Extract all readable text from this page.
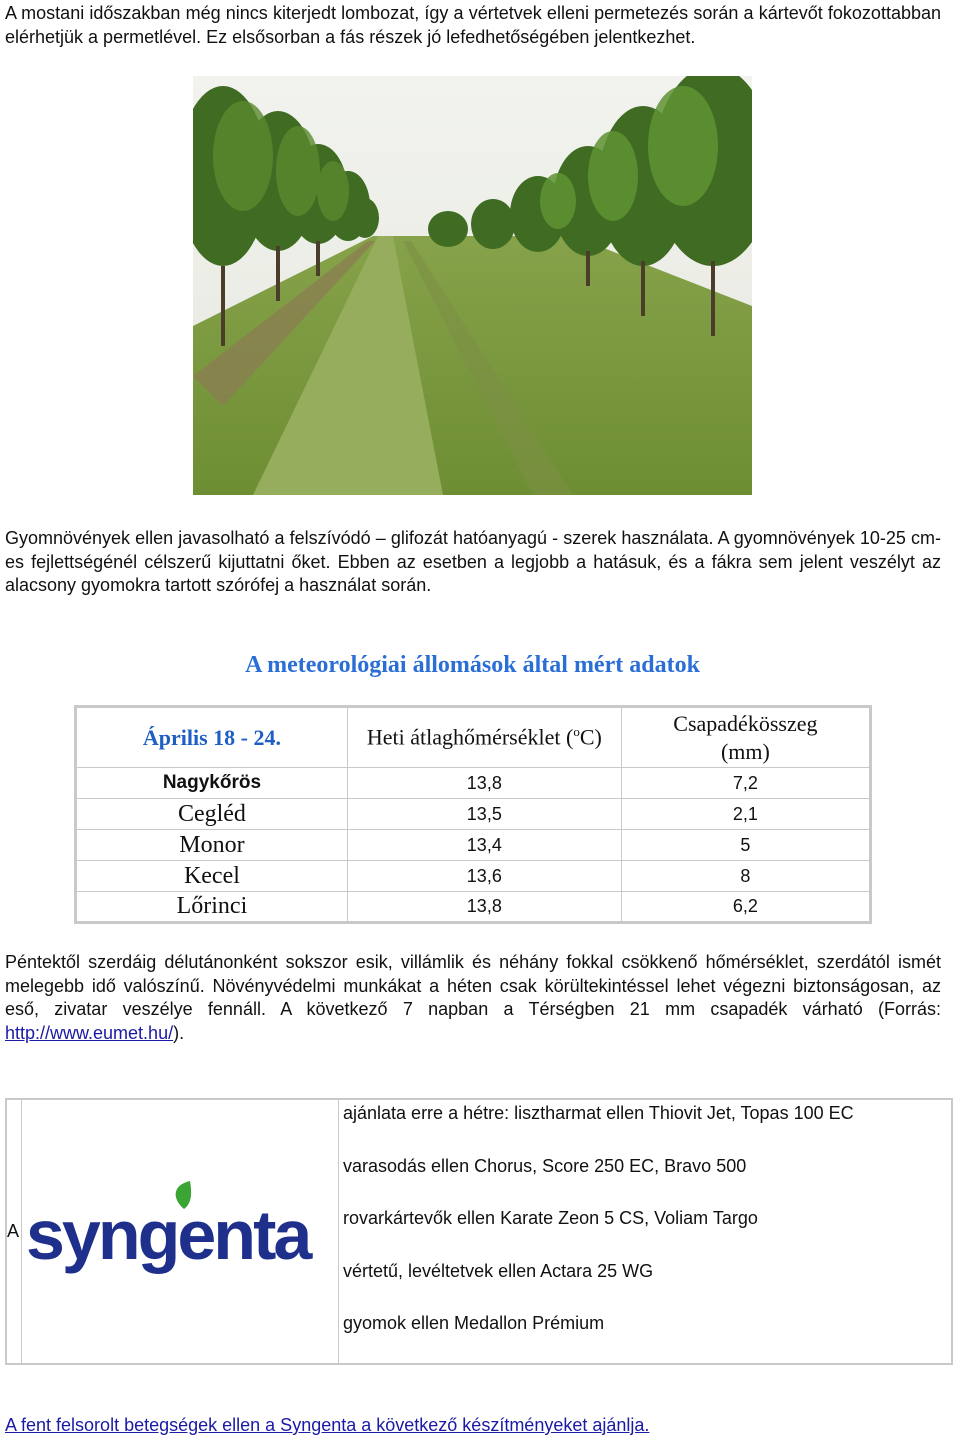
A mostani időszakban még nincs kiterjedt lombozat, így a vértetvek elleni permetezés során a kártevőt fokozottabban elérhetjük a permetlével. Ez elsősorban a fás részek jó lefedhetőségében jelentkezhet.

Gyomnövények ellen javasolható a felszívódó – glifozát hatóanyagú - szerek használata. A gyomnövények 10-25 cm-es fejlettségénél célszerű kijuttatni őket. Ebben az esetben a legjobb a hatásuk, és a fákra sem jelent veszélyt az alacsony gyomokra tartott szórófej a használat során.

A meteorológiai állomások által mért adatok
Április 18 - 24.	Heti átlaghőmérséklet ($^o$C)	Csapadékösszeg
(mm)
Nagykőrös	13,8	7,2
Cegléd	13,5	2,1
Monor	13,4	5
Kecel	13,6	8
Lőrinci	13,8	6,2

Péntektől szerdáig délutánonként sokszor esik, villámlik és néhány fokkal csökkenő hőmérséklet, szerdától ismét melegebb idő valószínű. Növényvédelmi munkákat a héten csak körültekintéssel lehet végezni biztonságosan, az eső, zivatar veszélye fennáll. A következő 7 napban a Térségben 21 mm csapadék várható (Forrás: http://www.eumet.hu/).

A	syngenta

ajánlata erre a hétre: lisztharmat ellen Thiovit Jet, Topas 100 EC
varasodás ellen Chorus, Score 250 EC, Bravo 500
rovarkártevők ellen Karate Zeon 5 CS, Voliam Targo
vértetű, levéltetvek ellen Actara 25 WG
gyomok ellen Medallon Prémium
A fent felsorolt betegségek ellen a Syngenta a következő készítményeket ajánlja.
